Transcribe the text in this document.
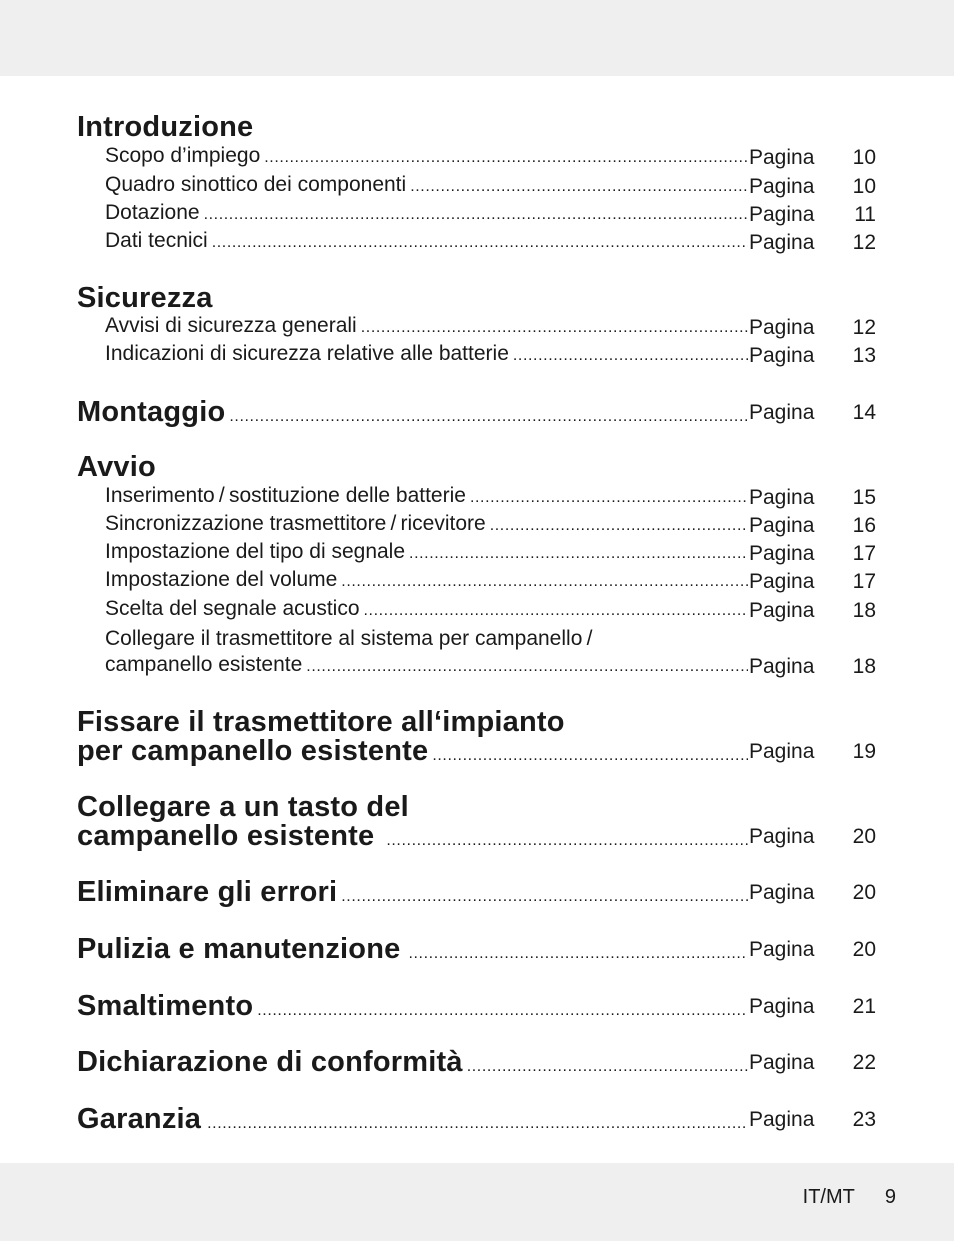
Introduzione
Scopo d’impiego .....	Pagina	10
Quadro sinottico dei componenti .....	Pagina	10
Dotazione .....	Pagina	11
Dati tecnici .....	Pagina	12
Sicurezza
Avvisi di sicurezza generali .....	Pagina	12
Indicazioni di sicurezza relative alle batterie .....	Pagina	13
Montaggio .....	Pagina	14
Avvio
Inserimento / sostituzione delle batterie .....	Pagina	15
Sincronizzazione trasmettitore / ricevitore .....	Pagina	16
Impostazione del tipo di segnale .....	Pagina	17
Impostazione del volume .....	Pagina	17
Scelta del segnale acustico .....	Pagina	18
Collegare il trasmettitore al sistema per campanello /
campanello esistente .....	Pagina	18
Fissare il trasmettitore all‘impianto
per campanello esistente .....	Pagina	19
Collegare a un tasto del
campanello esistente .....	Pagina	20
Eliminare gli errori .....	Pagina	20
Pulizia e manutenzione .....	Pagina	20
Smaltimento .....	Pagina	21
Dichiarazione di conformità .....	Pagina	22
Garanzia .....	Pagina	23
IT/MT 9
